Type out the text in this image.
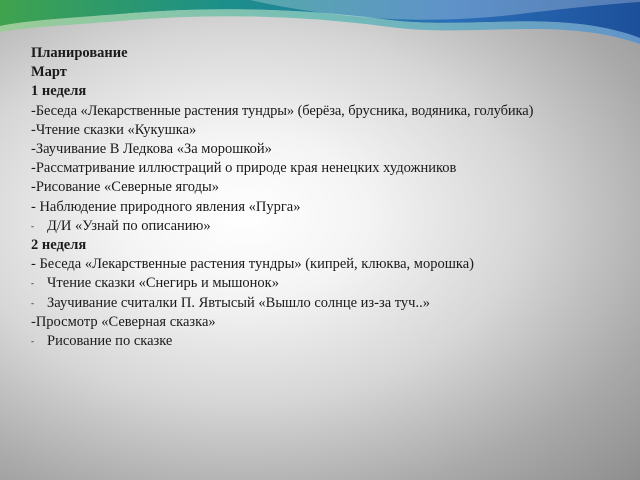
Планирование
Март
1 неделя
-Беседа «Лекарственные растения тундры» (берёза, брусника, водяника, голубика)
-Чтение сказки «Кукушка»
-Заучивание В Ледкова «За морошкой»
-Рассматривание иллюстраций о природе края ненецких художников
-Рисование «Северные ягоды»
- Наблюдение природного явления «Пурга»
- Д/И «Узнай по описанию»
2 неделя
- Беседа «Лекарственные растения тундры» (кипрей, клюква, морошка)
- Чтение сказки «Снегирь и мышонок»
- Заучивание считалки П. Явтысый «Вышло солнце из-за туч..»
-Просмотр «Северная сказка»
- Рисование по сказке
